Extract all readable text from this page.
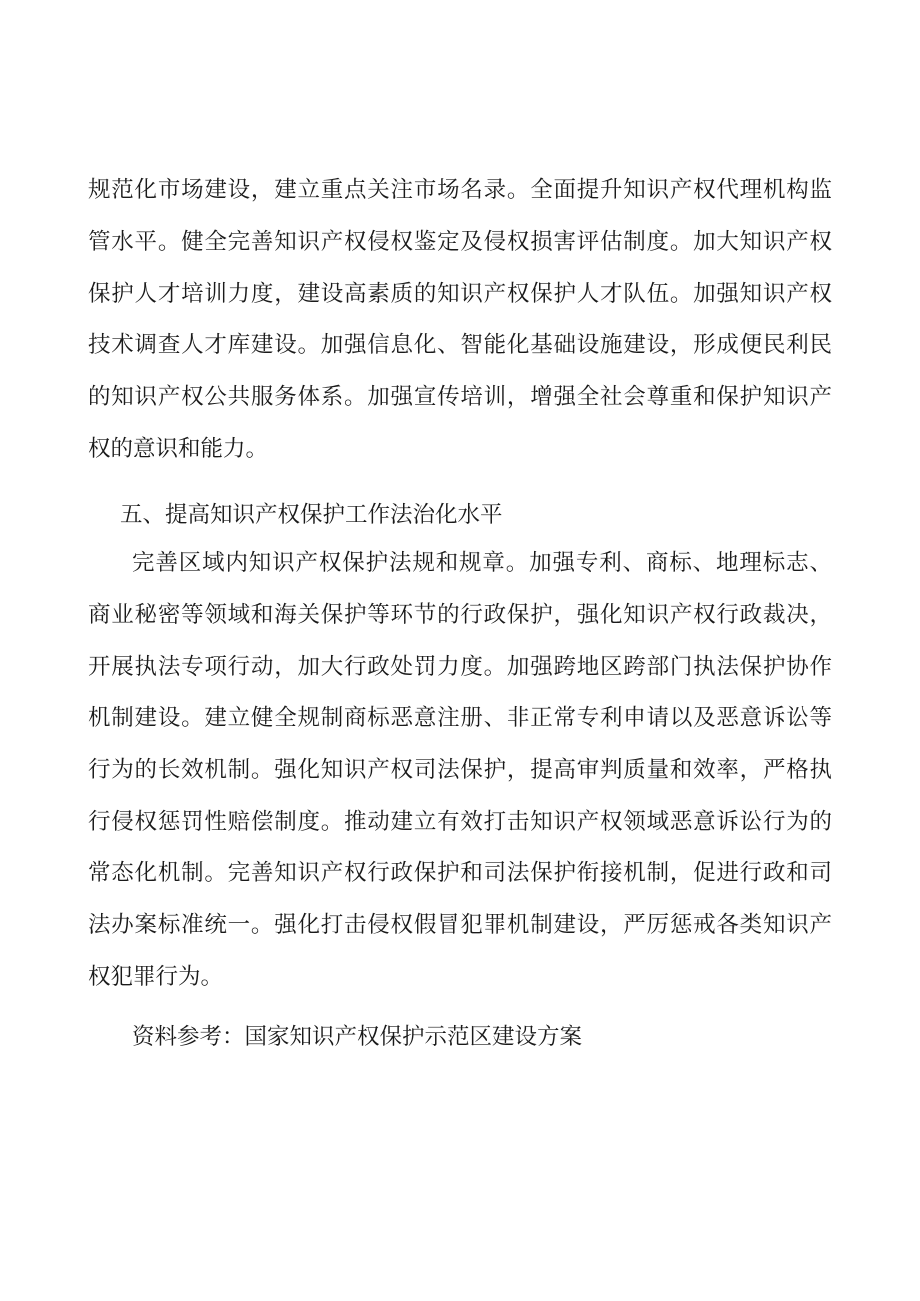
规范化市场建设，建立重点关注市场名录。全面提升知识产权代理机构监
管水平。健全完善知识产权侵权鉴定及侵权损害评估制度。加大知识产权
保护人才培训力度，建设高素质的知识产权保护人才队伍。加强知识产权
技术调查人才库建设。加强信息化、智能化基础设施建设，形成便民利民
的知识产权公共服务体系。加强宣传培训，增强全社会尊重和保护知识产
权的意识和能力。
五、提高知识产权保护工作法治化水平
完善区域内知识产权保护法规和规章。加强专利、商标、地理标志、
商业秘密等领域和海关保护等环节的行政保护，强化知识产权行政裁决，
开展执法专项行动，加大行政处罚力度。加强跨地区跨部门执法保护协作
机制建设。建立健全规制商标恶意注册、非正常专利申请以及恶意诉讼等
行为的长效机制。强化知识产权司法保护，提高审判质量和效率，严格执
行侵权惩罚性赔偿制度。推动建立有效打击知识产权领域恶意诉讼行为的
常态化机制。完善知识产权行政保护和司法保护衔接机制，促进行政和司
法办案标准统一。强化打击侵权假冒犯罪机制建设，严厉惩戒各类知识产
权犯罪行为。
资料参考：国家知识产权保护示范区建设方案
